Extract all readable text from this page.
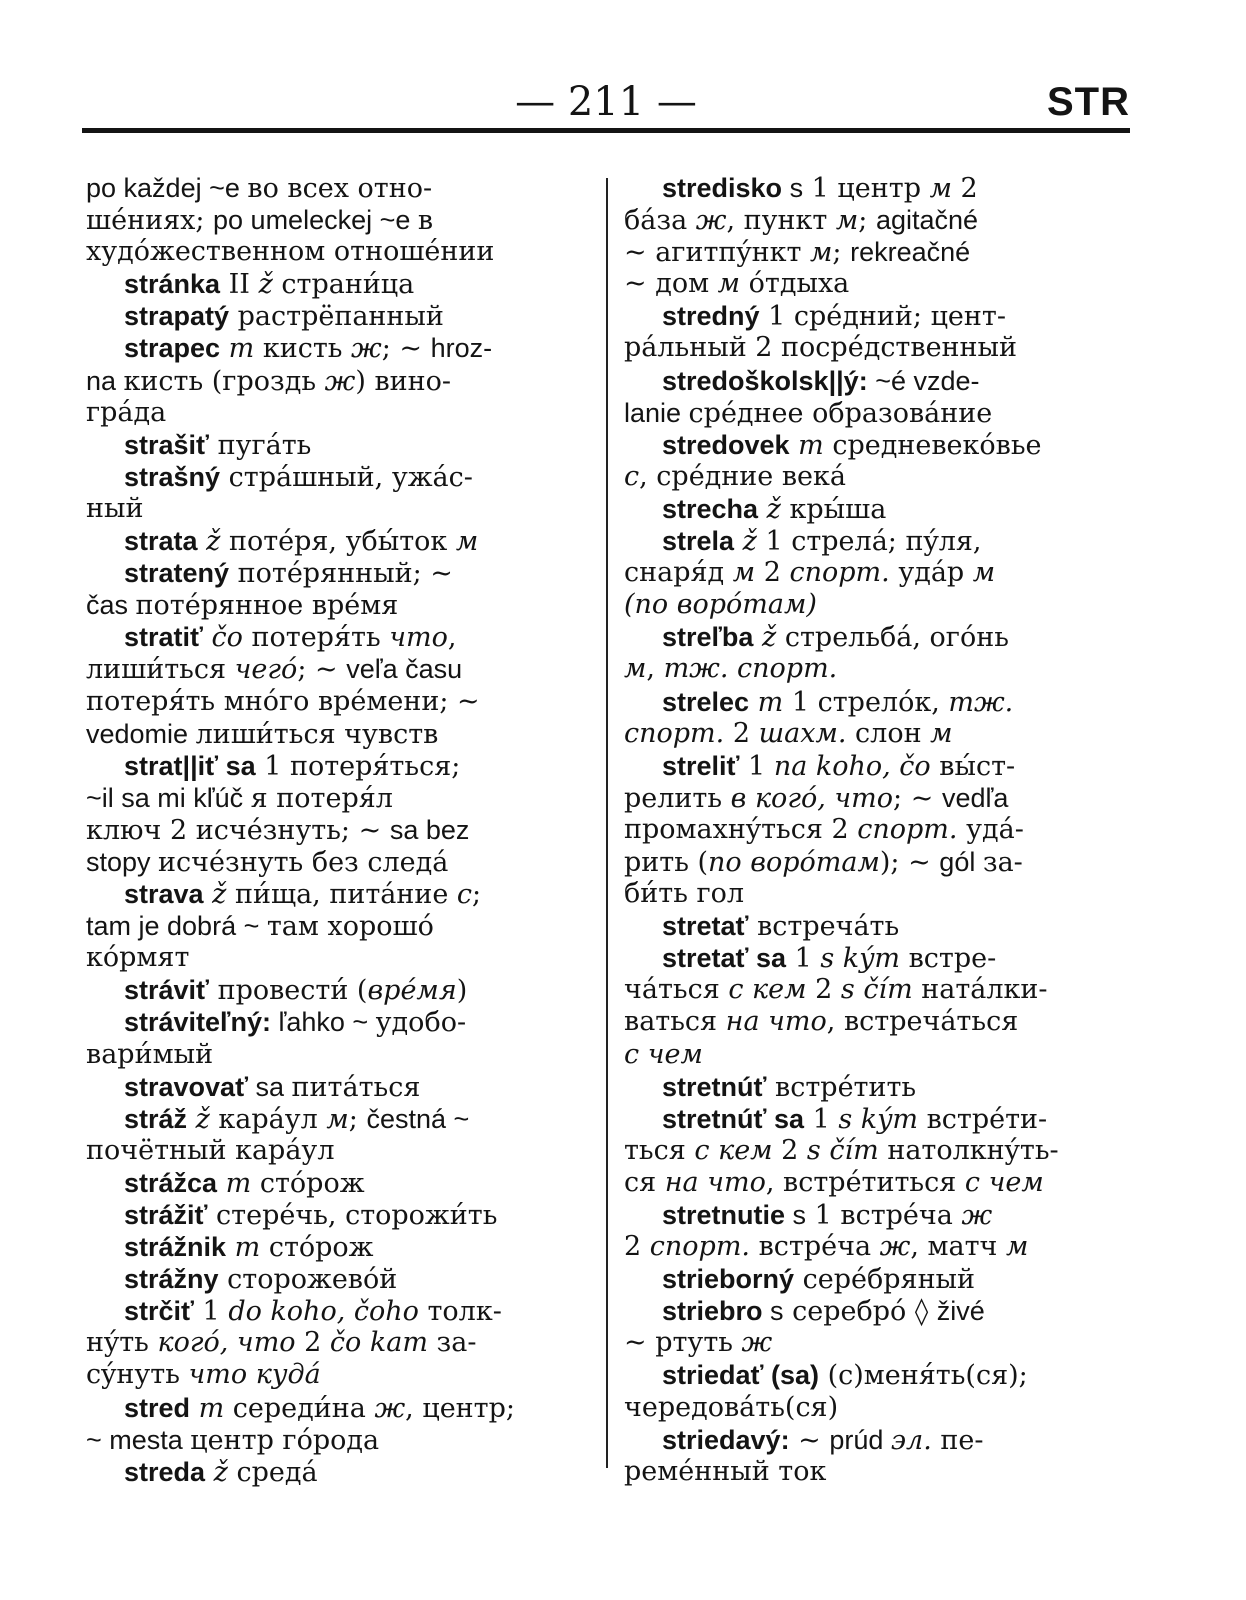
— 211 —	STR
po každej ~e во всех отно-
ше́ниях; po umeleckej ~e в
худо́жественном отноше́нии
stránka II ž страни́ца
strapatý растрёпанный
strapec m кисть ж; ~ hroz-
na кисть (гроздь ж) вино-
гра́да
strašiť пуга́ть
strašný стра́шный, ужа́с-
ный
strata ž потéря, убы́ток м
stratený потéрянный; ~
čas потéрянное врéмя
stratiť čo потеря́ть что,
лиши́ться чегó; ~ veľa času
потеря́ть мнóго врéмени; ~
vedomie лиши́ться чувств
strat||iť sa 1 потеря́ться;
~il sa mi kľúč я потеря́л
ключ 2 исчéзнуть; ~ sa bez
stopy исчéзнуть без следá
strava ž пи́ща, питáние с;
tam je dobrá ~ там хорошó
кóрмят
stráviť провести́ (врéмя)
stráviteľný: ľahko ~ удобо-
вари́мый
stravovať sa питáться
stráž ž карáул м; čestná ~
почётный карáул
strážca m стóрож
strážiť стерéчь, сторожи́ть
strážnik m стóрож
strážny сторожевóй
strčiť 1 do koho, čoho толк-
нýть когó, что 2 čo kam за-
сýнуть что кудá
stred m середи́на ж, центр;
~ mesta центр гóрода
streda ž средá
stredisko s 1 центр м 2
бáза ж, пункт м; agitačné
~ агитпýнкт м; rekreačné
~ дом м óтдыха
stredný 1 срéдний; цент-
рáльный 2 посрéдственный
stredoškolsk||ý: ~é vzde-
lanie срéднее образовáние
stredovek m средневекóвье
с, срéдние векá
strecha ž кры́ша
strela ž 1 стрелá; пýля,
снаря́д м 2 спорт. удáр м
(по ворóтам)
streľba ž стрельбá, огóнь
м, тж. спорт.
strelec m 1 стрелóк, тж.
спорт. 2 шахм. слон м
streliť 1 na koho, čo вы́ст-
релить в когó, что; ~ vedľa
промахнýться 2 спорт. удá-
рить (по ворóтам); ~ gól за-
би́ть гол
stretať встречáть
stretať sa 1 s kým встре-
чáться с кем 2 s čím натáлки-
ваться на что, встречáться
с чем
stretnúť встрéтить
stretnúť sa 1 s kým встрéти-
ться с кем 2 s čím натолкнýть-
ся на что, встрéтиться с чем
stretnutie s 1 встрéча ж
2 спорт. встрéча ж, матч м
strieborný серéбряный
striebro s серебрó ◊ živé
~ ртуть ж
striedať (sa) (с)меня́ть(ся);
чередовáть(ся)
striedavý: ~ prúd эл. пе-
ремéнный ток
